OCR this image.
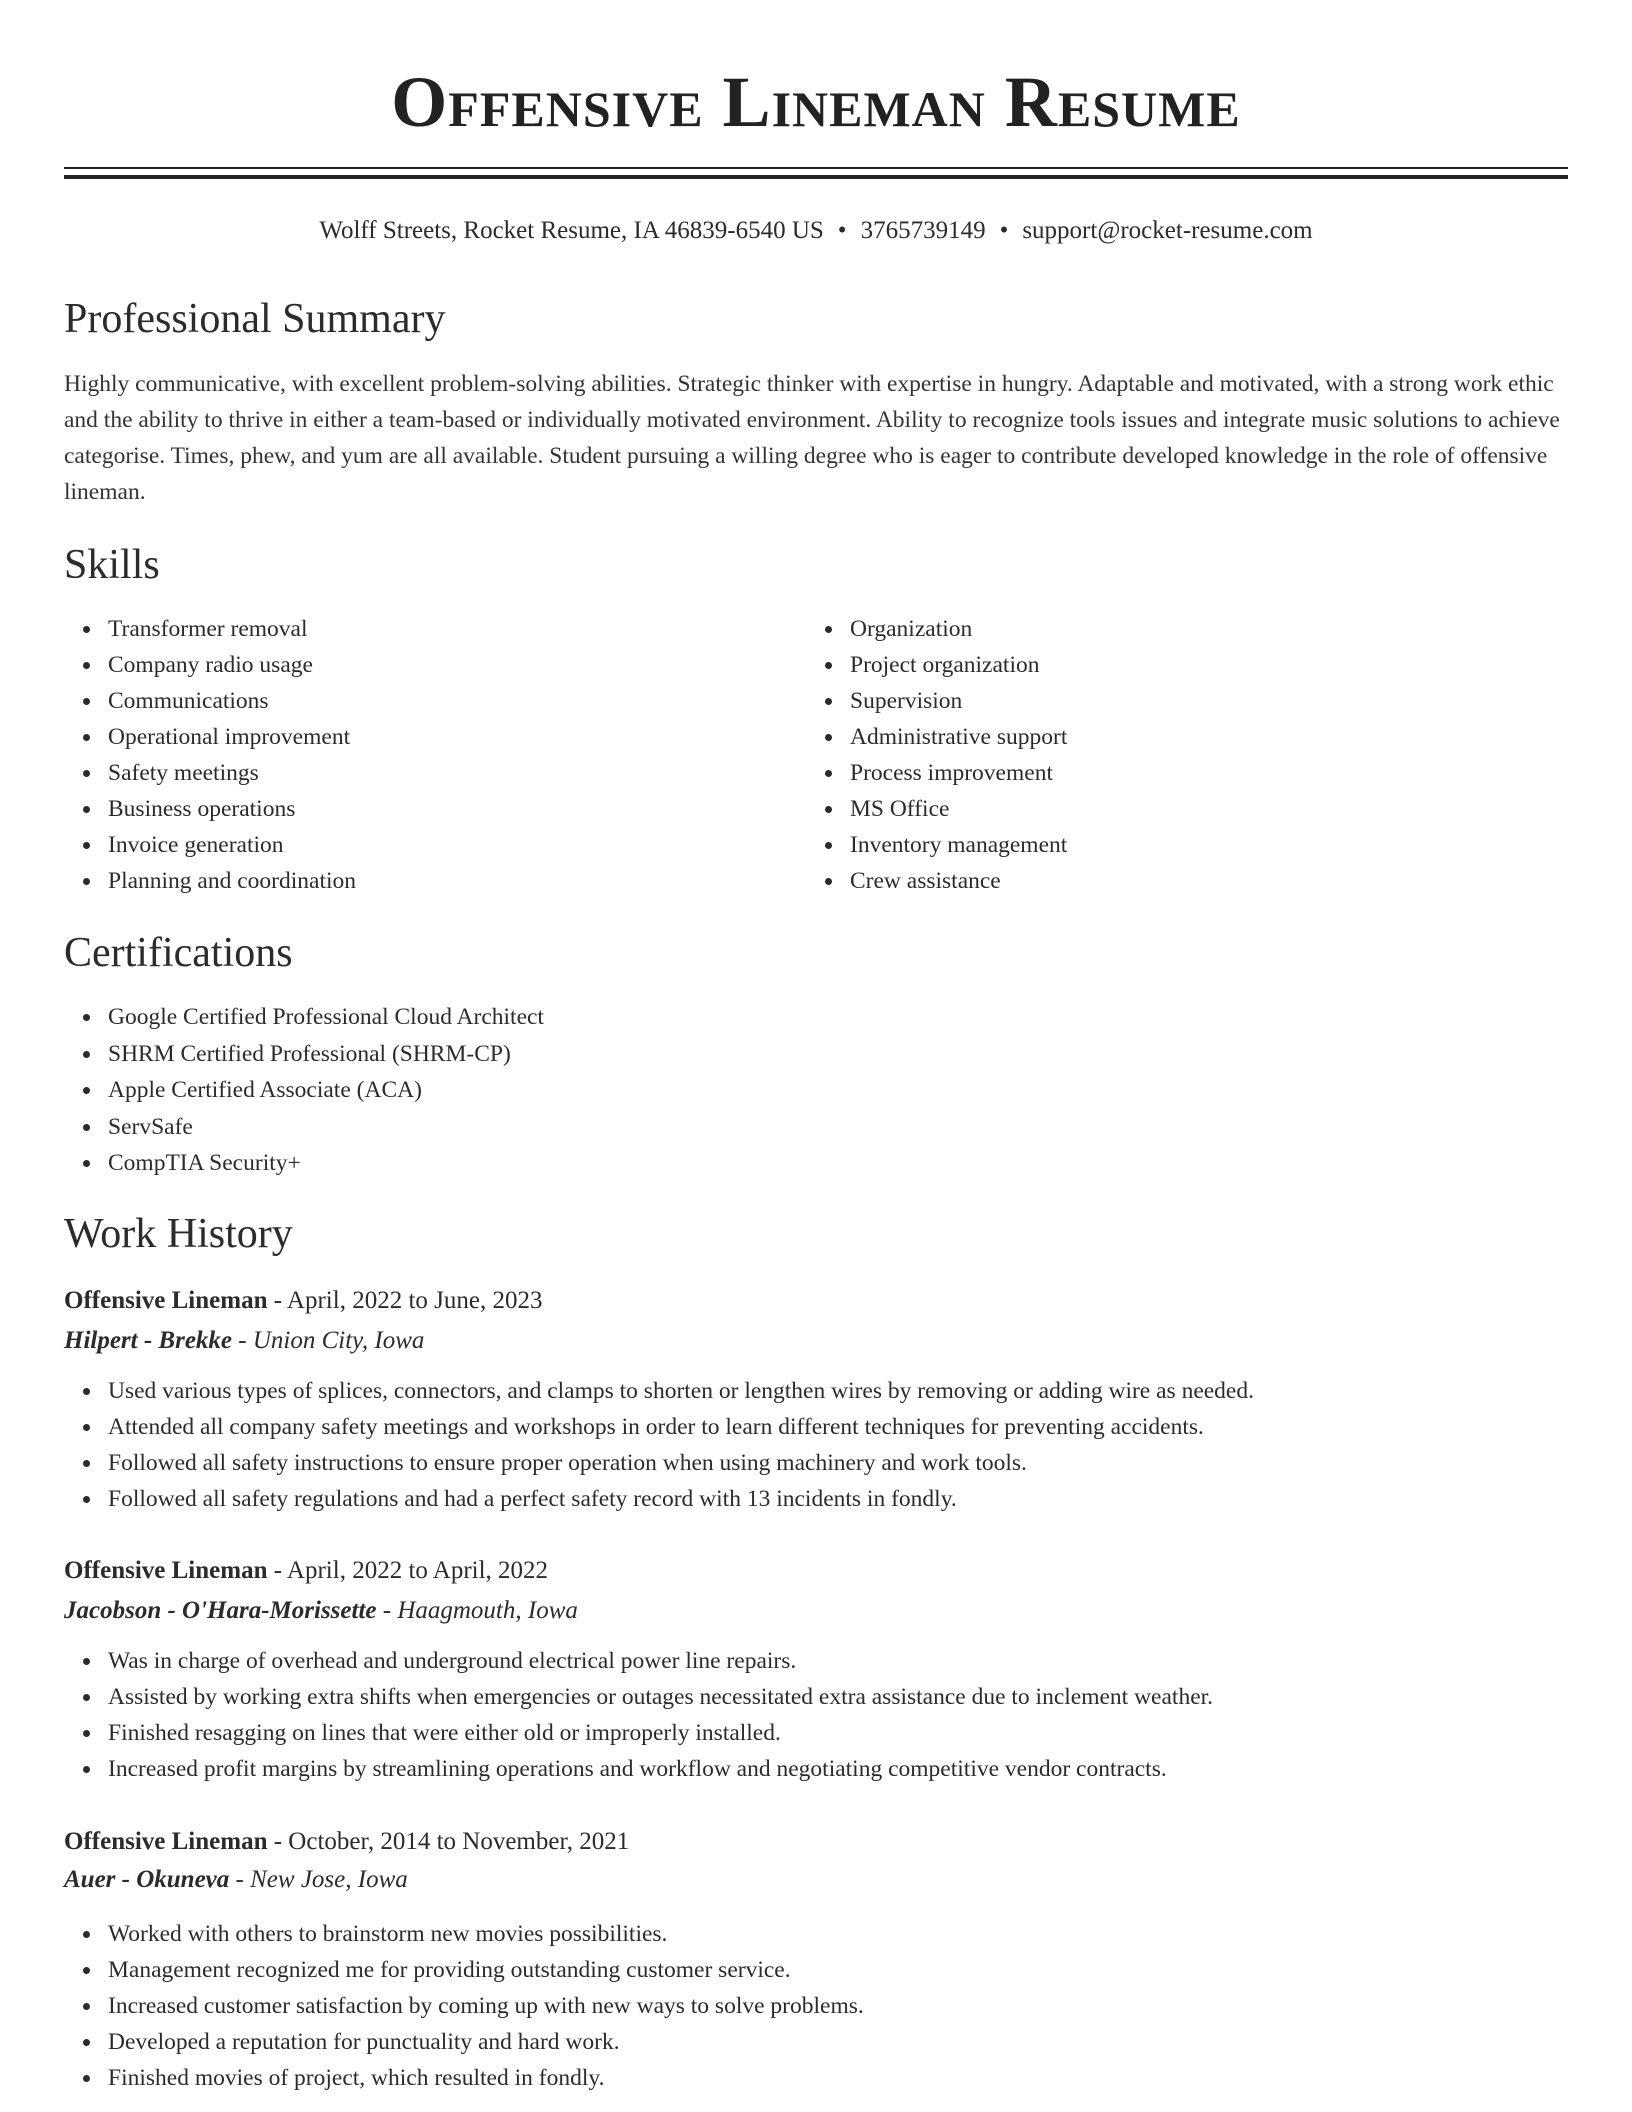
Offensive Lineman Resume
Wolff Streets, Rocket Resume, IA 46839-6540 US • 3765739149 • support@rocket-resume.com
Professional Summary

Highly communicative, with excellent problem-solving abilities. Strategic thinker with expertise in hungry. Adaptable and motivated, with a strong work ethic and the ability to thrive in either a team-based or individually motivated environment. Ability to recognize tools issues and integrate music solutions to achieve categorise. Times, phew, and yum are all available. Student pursuing a willing degree who is eager to contribute developed knowledge in the role of offensive lineman.

Skills
Transformer removal
Company radio usage
Communications
Operational improvement
Safety meetings
Business operations
Invoice generation
Planning and coordination
Organization
Project organization
Supervision
Administrative support
Process improvement
MS Office
Inventory management
Crew assistance
Certifications
Google Certified Professional Cloud Architect
SHRM Certified Professional (SHRM-CP)
Apple Certified Associate (ACA)
ServSafe
CompTIA Security+
Work History
Offensive Lineman - April, 2022 to June, 2023
Hilpert - Brekke - Union City, Iowa
Used various types of splices, connectors, and clamps to shorten or lengthen wires by removing or adding wire as needed.
Attended all company safety meetings and workshops in order to learn different techniques for preventing accidents.
Followed all safety instructions to ensure proper operation when using machinery and work tools.
Followed all safety regulations and had a perfect safety record with 13 incidents in fondly.
Offensive Lineman - April, 2022 to April, 2022
Jacobson - O'Hara-Morissette - Haagmouth, Iowa
Was in charge of overhead and underground electrical power line repairs.
Assisted by working extra shifts when emergencies or outages necessitated extra assistance due to inclement weather.
Finished resagging on lines that were either old or improperly installed.
Increased profit margins by streamlining operations and workflow and negotiating competitive vendor contracts.
Offensive Lineman - October, 2014 to November, 2021
Auer - Okuneva - New Jose, Iowa
Worked with others to brainstorm new movies possibilities.
Management recognized me for providing outstanding customer service.
Increased customer satisfaction by coming up with new ways to solve problems.
Developed a reputation for punctuality and hard work.
Finished movies of project, which resulted in fondly.
